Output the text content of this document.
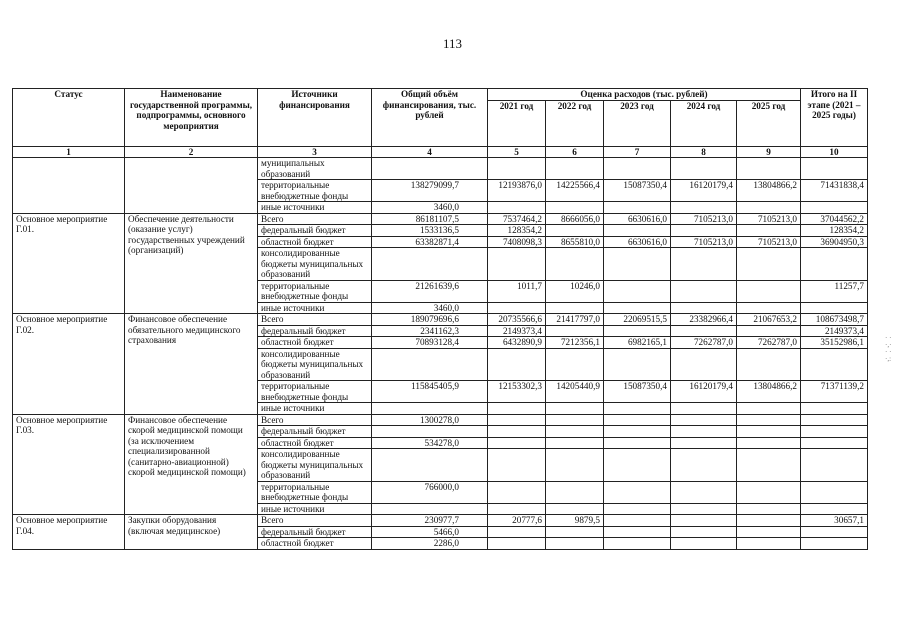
113
Статус	Наименование государственной программы, подпрограммы, основного мероприятия	Источники финансирования	Общий объём финансирования, тыс. рублей	Оценка расходов (тыс. рублей)					Итого на II этапе (2021 – 2025 годы)
				2021 год	2022 год	2023 год	2024 год	2025 год	
1	2	3	4	5	6	7	8	9	10
		муниципальных образований							
		территориальные внебюджетные фонды	138279099,7	12193876,0	14225566,4	15087350,4	16120179,4	13804866,2	71431838,4
		иные источники	3460,0						
Основное мероприятие Г.01.	Обеспечение деятельности (оказание услуг) государственных учреждений (организаций)	Всего	86181107,5	7537464,2	8666056,0	6630616,0	7105213,0	7105213,0	37044562,2
		федеральный бюджет	1533136,5	128354,2					128354,2
		областной бюджет	63382871,4	7408098,3	8655810,0	6630616,0	7105213,0	7105213,0	36904950,3
		консолидированные бюджеты муниципальных образований							
		территориальные внебюджетные фонды	21261639,6	1011,7	10246,0				11257,7
		иные источники	3460,0						
Основное мероприятие Г.02.	Финансовое обеспечение обязательного медицинского страхования	Всего	189079696,6	20735566,6	21417797,0	22069515,5	23382966,4	21067653,2	108673498,7
		федеральный бюджет	2341162,3	2149373,4					2149373,4
		областной бюджет	70893128,4	6432890,9	7212356,1	6982165,1	7262787,0	7262787,0	35152986,1
		консолидированные бюджеты муниципальных образований							
		территориальные внебюджетные фонды	115845405,9	12153302,3	14205440,9	15087350,4	16120179,4	13804866,2	71371139,2
		иные источники							
Основное мероприятие Г.03.	Финансовое обеспечение скорой медицинской помощи (за исключением специализированной (санитарно-авиационной) скорой медицинской помощи)	Всего	1300278,0						
		федеральный бюджет							
		областной бюджет	534278,0						
		консолидированные бюджеты муниципальных образований							
		территориальные внебюджетные фонды	766000,0						
		иные источники							
Основное мероприятие Г.04.	Закупки оборудования (включая медицинское)	Всего	230977,7	20777,6	9879,5				30657,1
		федеральный бюджет	5466,0						
		областной бюджет	2286,0						
· ·
·,·
· ·
·,:
